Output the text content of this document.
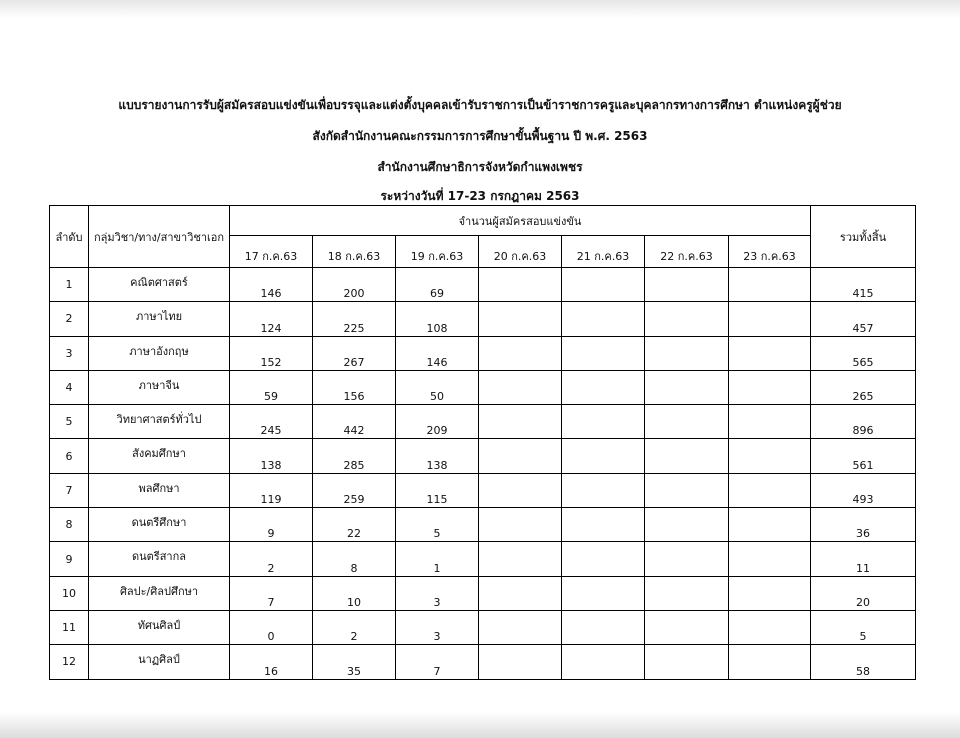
แบบรายงานการรับผู้สมัครสอบแข่งขันเพื่อบรรจุและแต่งตั้งบุคคลเข้ารับราชการเป็นข้าราชการครูและบุคลากรทางการศึกษา ตำแหน่งครูผู้ช่วย
สังกัดสำนักงานคณะกรรมการการศึกษาขั้นพื้นฐาน ปี พ.ศ. 2563
สำนักงานศึกษาธิการจังหวัดกำแพงเพชร
ระหว่างวันที่ 17-23 กรกฎาคม 2563
ลำดับ	กลุ่มวิชา/ทาง/สาขาวิชาเอก	จำนวนผู้สมัครสอบแข่งขัน							รวมทั้งสิ้น
		17 ก.ค.63	18 ก.ค.63	19 ก.ค.63	20 ก.ค.63	21 ก.ค.63	22 ก.ค.63	23 ก.ค.63	
1	คณิตศาสตร์	146	200	69					415
2	ภาษาไทย	124	225	108					457
3	ภาษาอังกฤษ	152	267	146					565
4	ภาษาจีน	59	156	50					265
5	วิทยาศาสตร์ทั่วไป	245	442	209					896
6	สังคมศึกษา	138	285	138					561
7	พลศึกษา	119	259	115					493
8	ดนตรีศึกษา	9	22	5					36
9	ดนตรีสากล	2	8	1					11
10	ศิลปะ/ศิลปศึกษา	7	10	3					20
11	ทัศนศิลป์	0	2	3					5
12	นาฏศิลป์	16	35	7					58
